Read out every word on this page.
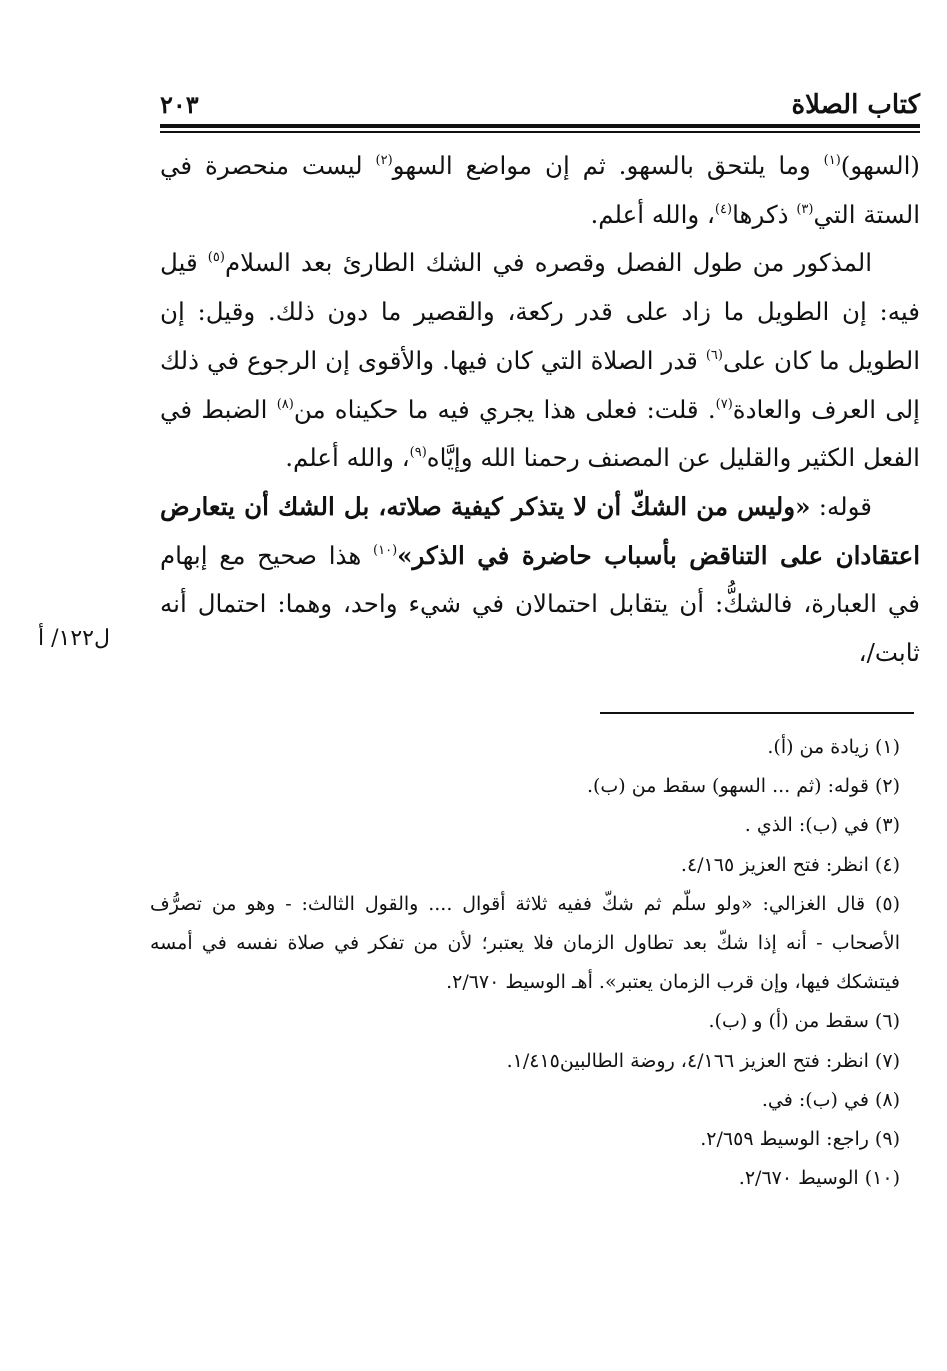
كتاب الصلاة
٢٠٣

(السهو)$^{(١)}$ وما يلتحق بالسهو. ثم إن مواضع السهو$^{(٢)}$ ليست منحصرة في الستة التي$^{(٣)}$ ذكرها$^{(٤)}$، والله أعلم.

المذكور من طول الفصل وقصره في الشك الطارئ بعد السلام$^{(٥)}$ قيل فيه: إن الطويل ما زاد على قدر ركعة، والقصير ما دون ذلك. وقيل: إن الطويل ما كان على$^{(٦)}$ قدر الصلاة التي كان فيها. والأقوى إن الرجوع في ذلك إلى العرف والعادة$^{(٧)}$. قلت: فعلى هذا يجري فيه ما حكيناه من$^{(٨)}$ الضبط في الفعل الكثير والقليل عن المصنف رحمنا الله وإيَّاه$^{(٩)}$، والله أعلم.

قوله: «وليس من الشكّ أن لا يتذكر كيفية صلاته، بل الشك أن يتعارض اعتقادان على التناقض بأسباب حاضرة في الذكر»$^{(١٠)}$ هذا صحيح مع إبهام في العبارة، فالشكُّ: أن يتقابل احتمالان في شيء واحد، وهما: احتمال أنه ثابت/،

ل١٢٢/ أ

(١) زيادة من (أ).

(٢) قوله: (ثم ... السهو) سقط من (ب).

(٣) في (ب): الذي .

(٤) انظر: فتح العزيز ٤/١٦٥.

(٥) قال الغزالي: «ولو سلّم ثم شكّ ففيه ثلاثة أقوال .... والقول الثالث: - وهو من تصرُّف الأصحاب - أنه إذا شكّ بعد تطاول الزمان فلا يعتبر؛ لأن من تفكر في صلاة نفسه في أمسه فيتشكك فيها، وإن قرب الزمان يعتبر». أهـ الوسيط ٢/٦٧٠.

(٦) سقط من (أ) و (ب).

(٧) انظر: فتح العزيز ٤/١٦٦، روضة الطالبين١/٤١٥.

(٨) في (ب): في.

(٩) راجع: الوسيط ٢/٦٥٩.

(١٠) الوسيط ٢/٦٧٠.
